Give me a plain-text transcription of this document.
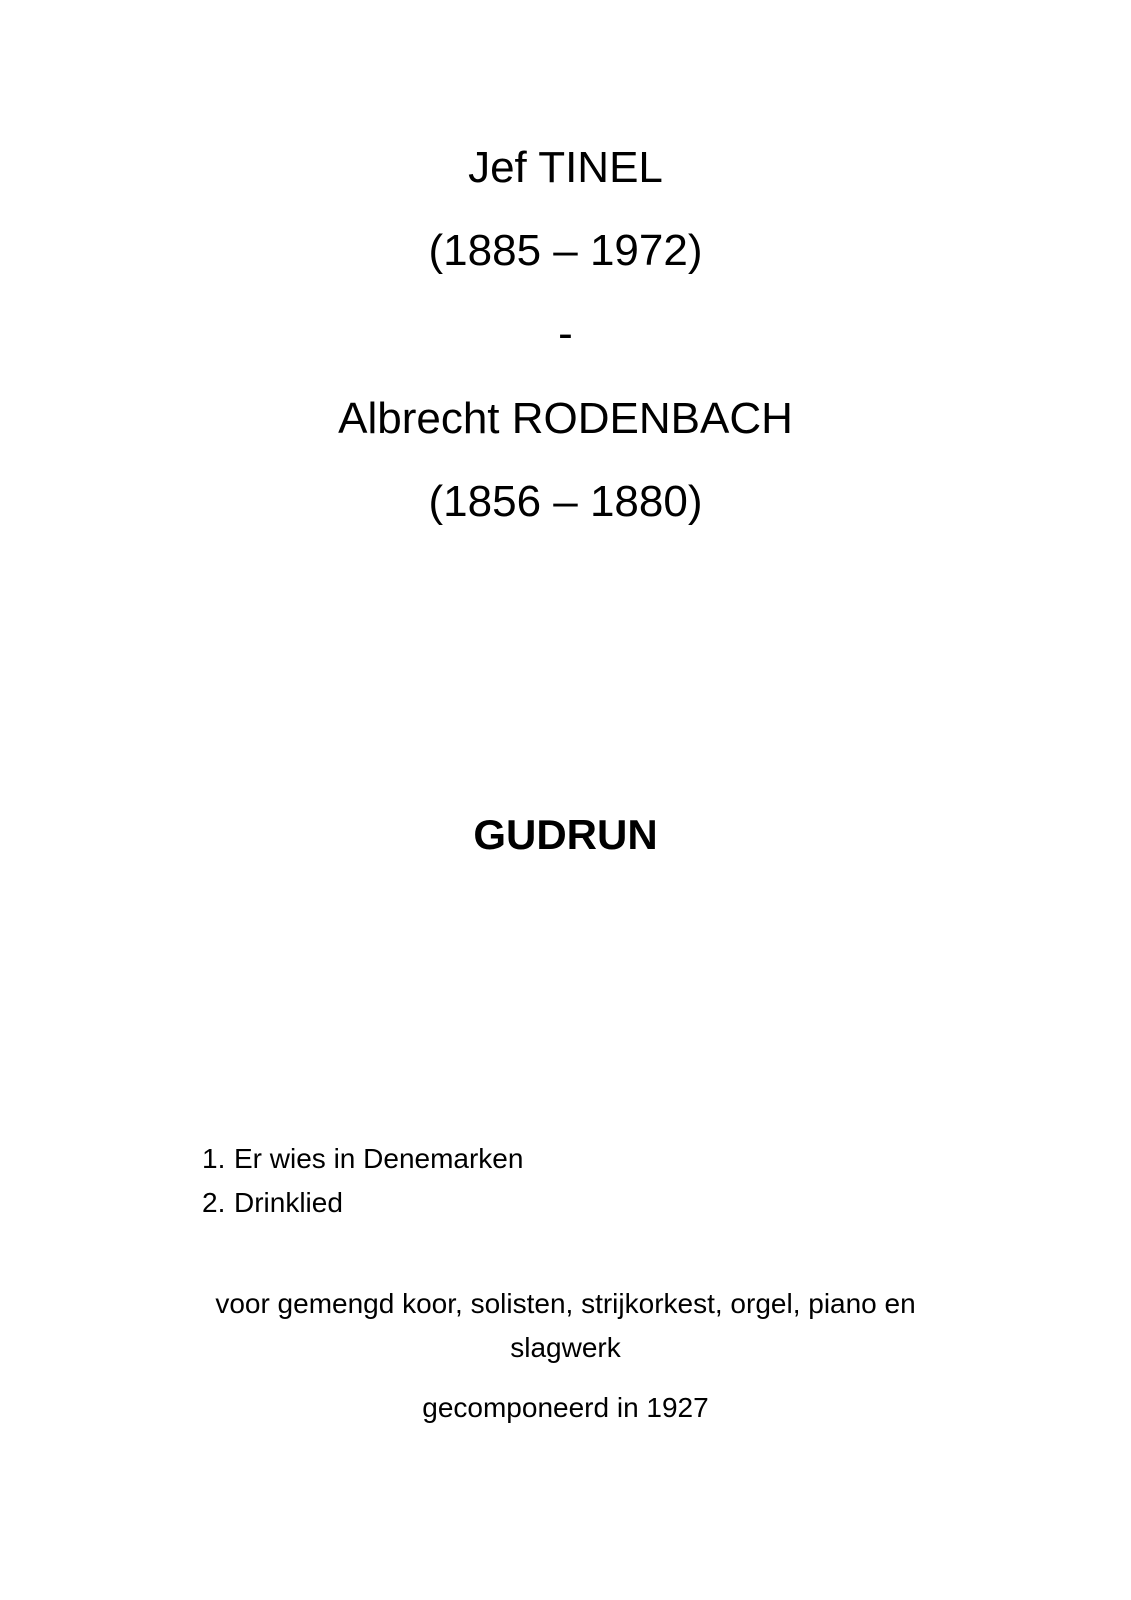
Jef TINEL
(1885 – 1972)
-
Albrecht RODENBACH
(1856 – 1880)
GUDRUN
1. Er wies in Denemarken
2. Drinklied
voor gemengd koor, solisten, strijkorkest, orgel, piano en
slagwerk
gecomponeerd in 1927
